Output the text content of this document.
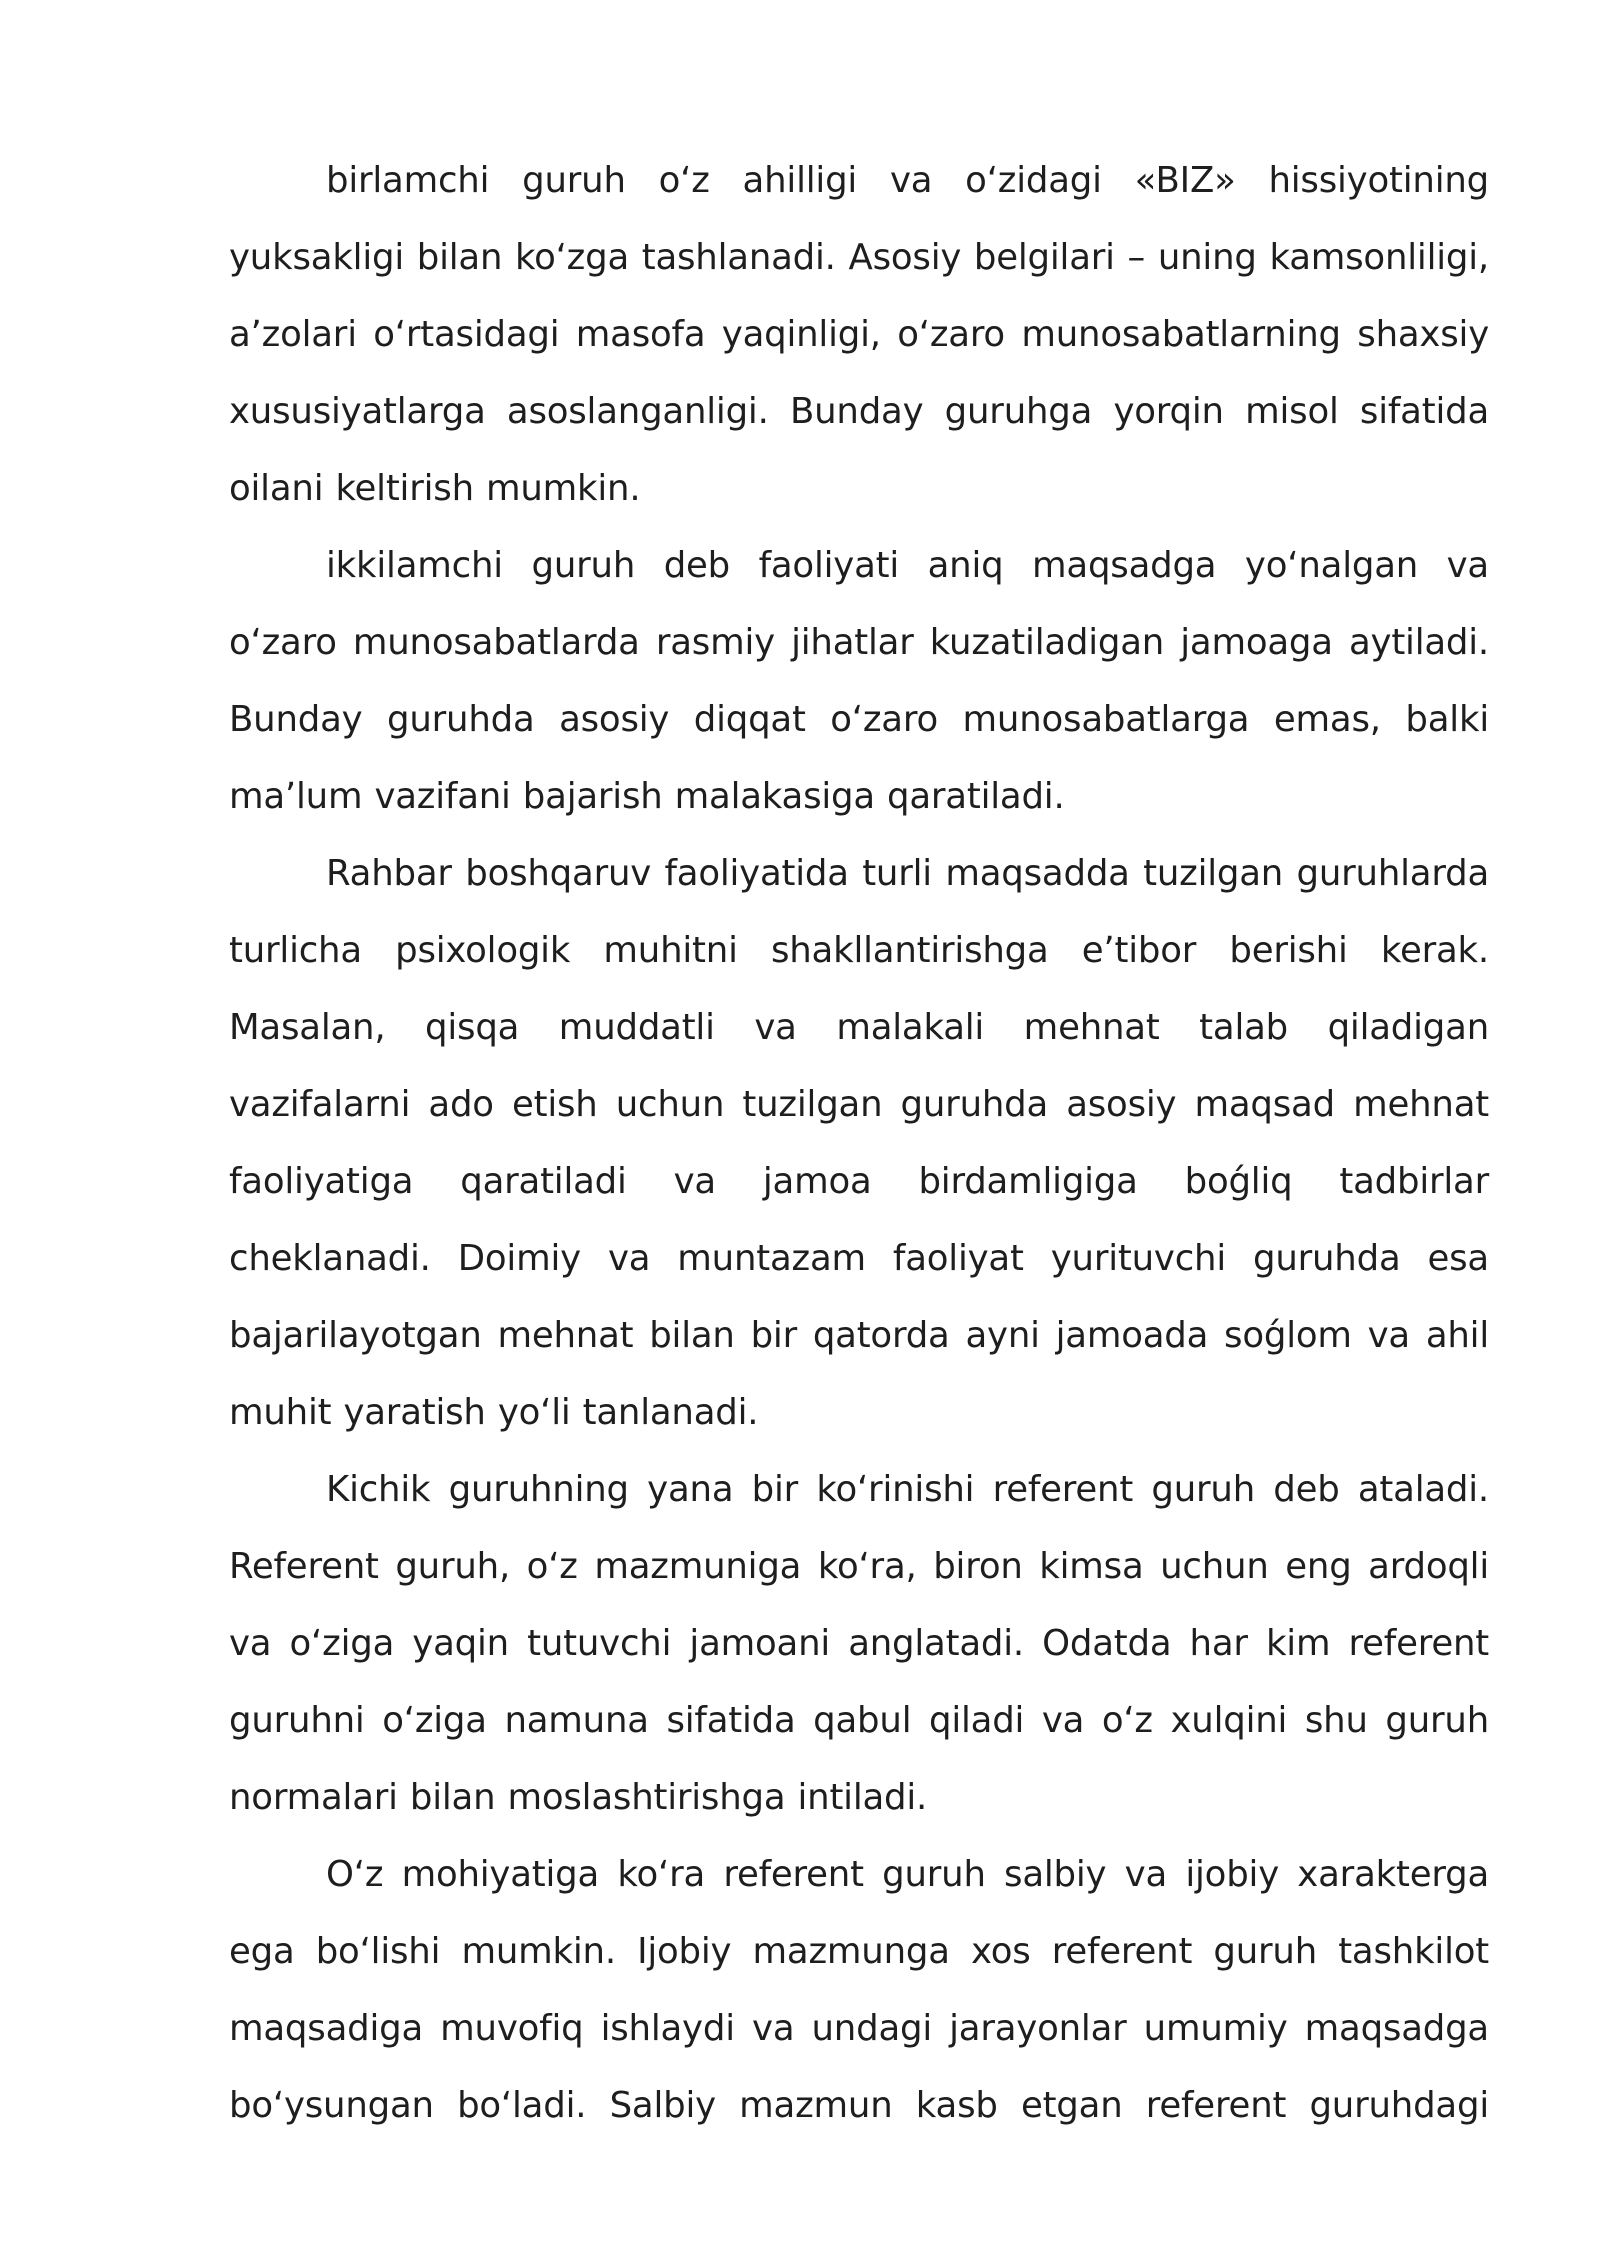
birlamchi guruh o‘z ahilligi va o‘zidagi «BIZ» hissiyotining yuksakligi bilan ko‘zga tashlanadi. Asosiy belgilari – uning kamsonliligi, a’zolari o‘rtasidagi masofa yaqinligi, o‘zaro munosabatlarning shaxsiy xususiyatlarga asoslanganligi. Bunday guruhga yorqin misol sifatida oilani keltirish mumkin.

ikkilamchi guruh deb faoliyati aniq maqsadga yo‘nalgan va o‘zaro munosabatlarda rasmiy jihatlar kuzatiladigan jamoaga aytiladi. Bunday guruhda asosiy diqqat o‘zaro munosabatlarga emas, balki ma’lum vazifani bajarish malakasiga qaratiladi.

Rahbar boshqaruv faoliyatida turli maqsadda tuzilgan guruhlarda turlicha psixologik muhitni shakllantirishga e’tibor berishi kerak. Masalan, qisqa muddatli va malakali mehnat talab qiladigan vazifalarni ado etish uchun tuzilgan guruhda asosiy maqsad mehnat faoliyatiga qaratiladi va jamoa birdamligiga boǵliq tadbirlar cheklanadi. Doimiy va muntazam faoliyat yurituvchi guruhda esa bajarilayotgan mehnat bilan bir qatorda ayni jamoada soǵlom va ahil muhit yaratish yo‘li tanlanadi.

Kichik guruhning yana bir ko‘rinishi referent guruh deb ataladi. Referent guruh, o‘z mazmuniga ko‘ra, biron kimsa uchun eng ardoqli va o‘ziga yaqin tutuvchi jamoani anglatadi. Odatda har kim referent guruhni o‘ziga namuna sifatida qabul qiladi va o‘z xulqini shu guruh normalari bilan moslashtirishga intiladi.

O‘z mohiyatiga ko‘ra referent guruh salbiy va ijobiy xarakterga ega bo‘lishi mumkin. Ijobiy mazmunga xos referent guruh tashkilot maqsadiga muvofiq ishlaydi va undagi jarayonlar umumiy maqsadga bo‘ysungan bo‘ladi. Salbiy mazmun kasb etgan referent guruhdagi
